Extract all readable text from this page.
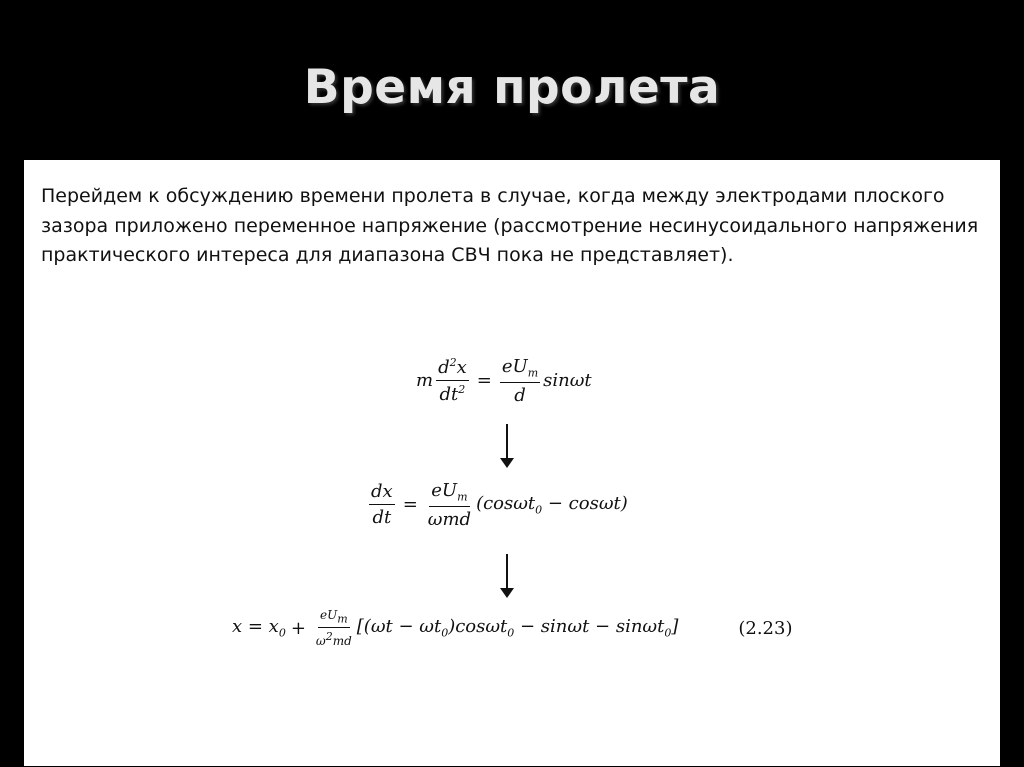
Время пролета
Перейдем к обсуждению времени пролета в случае, когда между электродами плоского зазора приложено переменное напряжение (рассмотрение несинусоидального напряжения практического интереса для диапазона СВЧ пока не представляет).
m $\frac{d^2x}{dt^2} = \frac{eU_m}{d}$ sinωt
$\frac{dx}{dt} = \frac{eU_m}{\text{ωmd}} (\cos\omega t_0 - \cos\omega t)$
$x = x_0 + \frac{eU_m}{\omega^2md} [(\omega t - \omega t_0)\cos\omega t_0 - \sin\omega t - \sin\omega t_0]$	(2.23)
